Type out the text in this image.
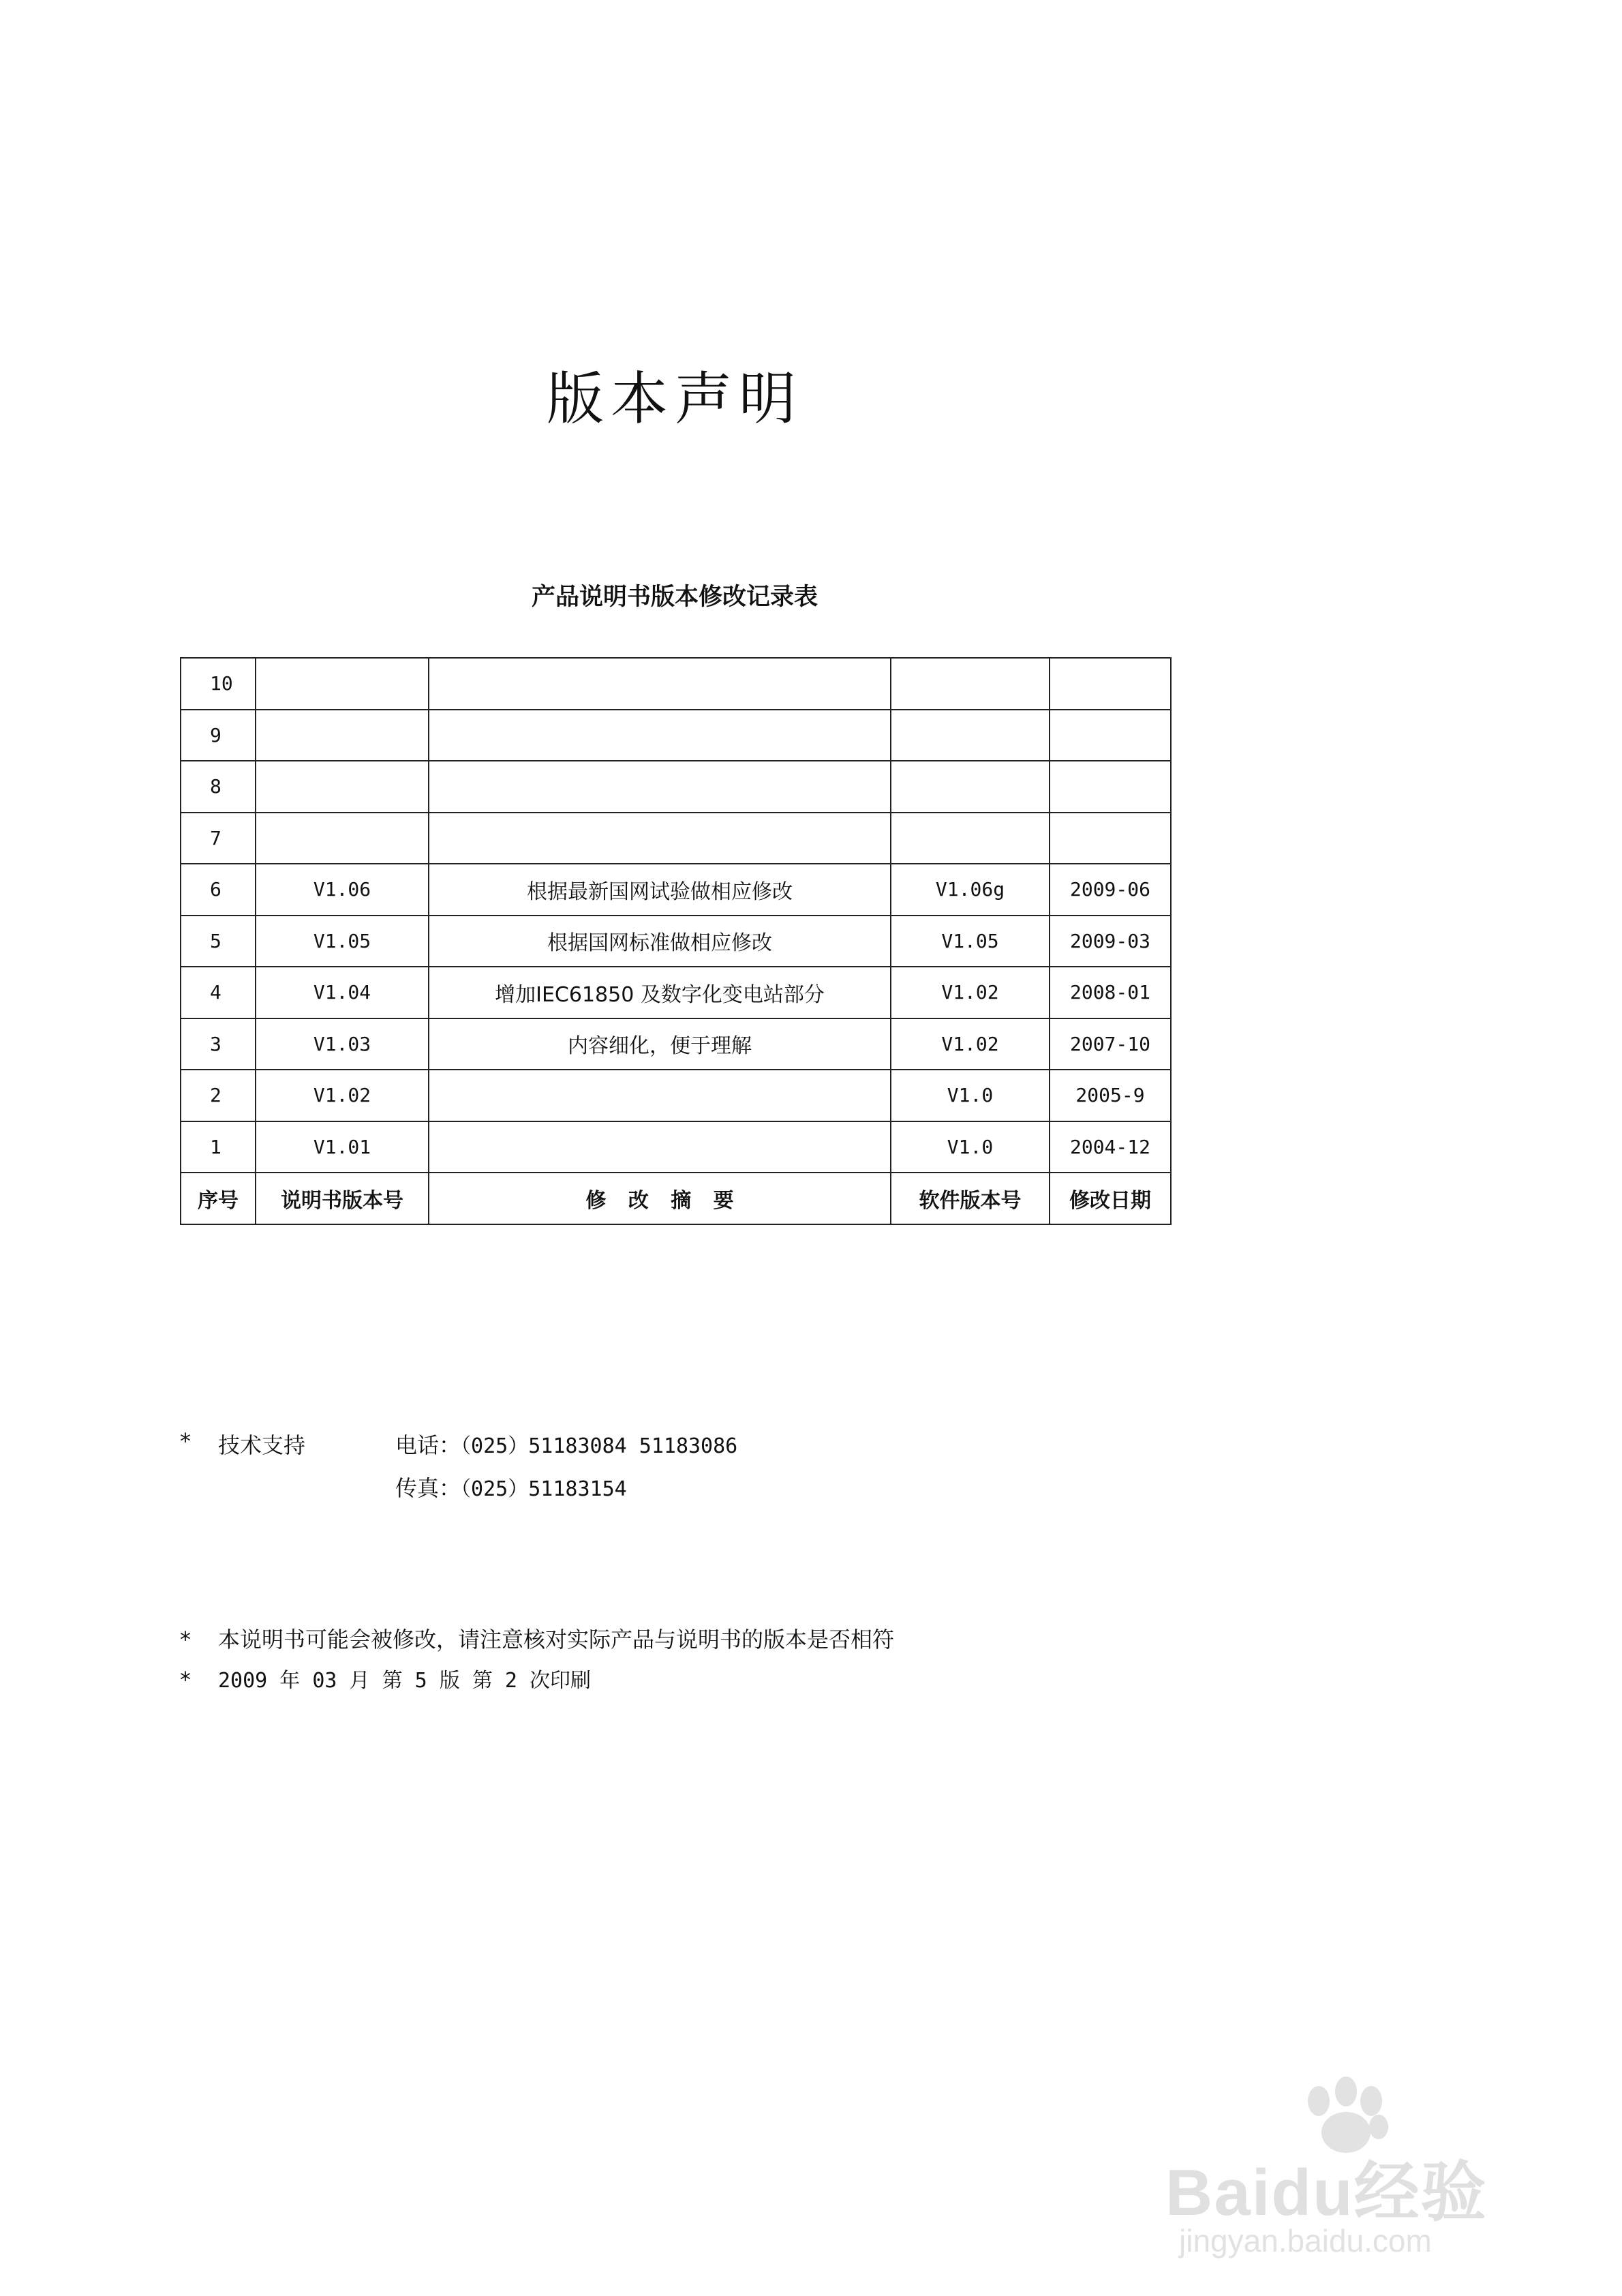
版本声明
产品说明书版本修改记录表
10				
9				
8				
7				
6	V1.06	根据最新国网试验做相应修改	V1.06g	2009-06
5	V1.05	根据国网标准做相应修改	V1.05	2009-03
4	V1.04	增加IEC61850 及数字化变电站部分	V1.02	2008-01
3	V1.03	内容细化，便于理解	V1.02	2007-10
2	V1.02		V1.0	2005-9
1	V1.01		V1.0	2004-12
序号	说明书版本号	修 改 摘 要	软件版本号	修改日期
* 技术支持	电话：（025）51183084 51183086
传真：（025）51183154
* 本说明书可能会被修改，请注意核对实际产品与说明书的版本是否相符
* 2009 年 03 月 第 5 版 第 2 次印刷
Baidu经验
jingyan.baidu.com
